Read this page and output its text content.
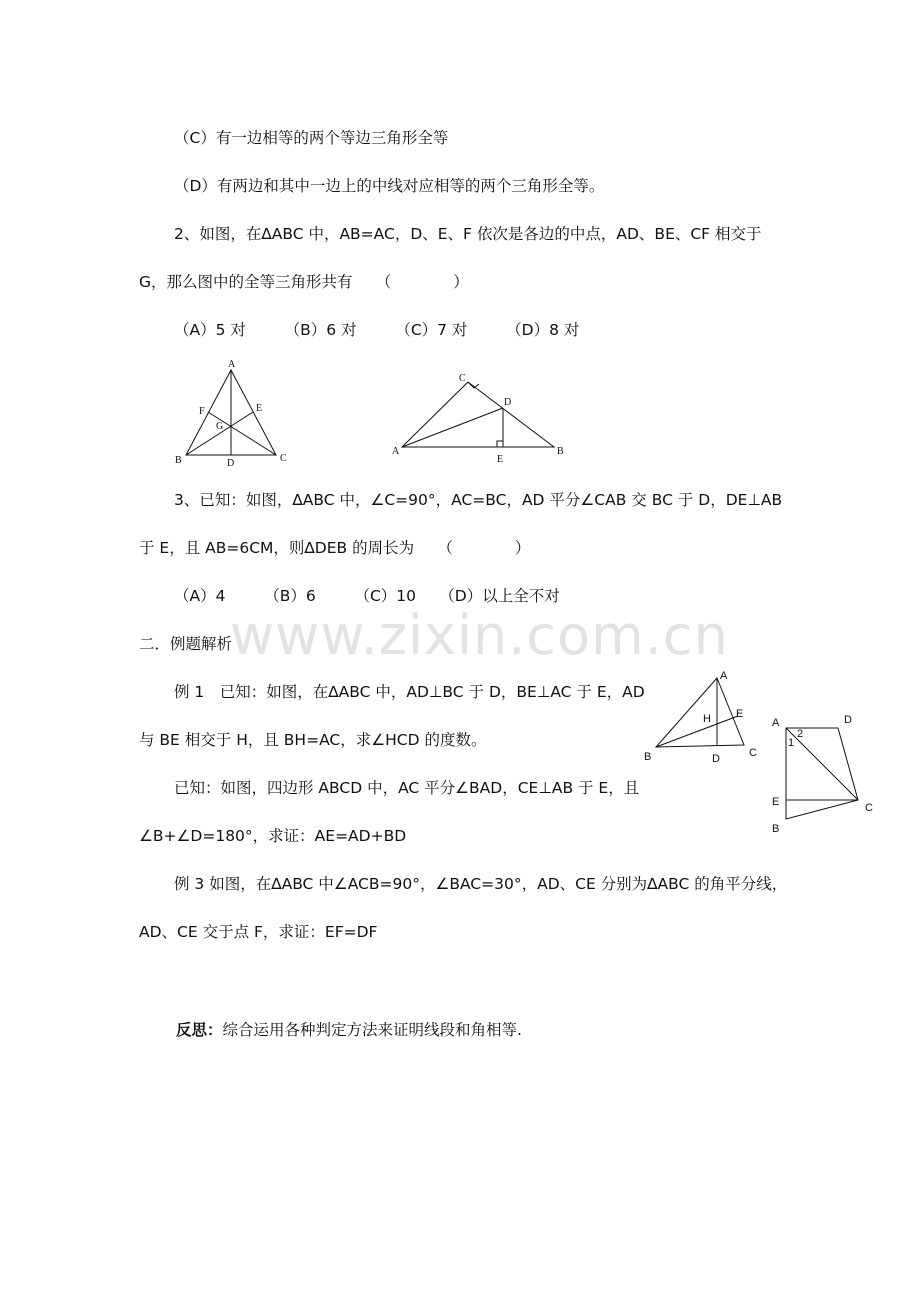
www.zixin.com.cn
（C）有一边相等的两个等边三角形全等
（D）有两边和其中一边上的中线对应相等的两个三角形全等。
2、如图，在∆ABC 中，AB=AC，D、E、F 依次是各边的中点，AD、BE、CF 相交于
G，那么图中的全等三角形共有　　（　　　　）
（A）5 对　　　（B）6 对　　　（C）7 对　　　（D）8 对
A
B	C
D
E
F
G
C
A	B
D
E
3、已知：如图，∆ABC 中，∠C=90°，AC=BC，AD 平分∠CAB 交 BC 于 D，DE⊥AB
于 E，且 AB=6CM，则∆DEB 的周长为　　（　　　　）
（A）4　　　（B）6　　　（C）10　　（D）以上全不对
二．例题解析
例 1　已知：如图，在∆ABC 中，AD⊥BC 于 D，BE⊥AC 于 E，AD
与 BE 相交于 H，且 BH=AC，求∠HCD 的度数。
A
B	C
D
E
H
已知：如图，四边形 ABCD 中，AC 平分∠BAD，CE⊥AB 于 E，且
∠B+∠D=180°，求证：AE=AD+BD
A	D
E	C
B
1
2
例 3 如图，在∆ABC 中∠ACB=90°，∠BAC=30°，AD、CE 分别为∆ABC 的角平分线，
AD、CE 交于点 F，求证：EF=DF
反思：综合运用各种判定方法来证明线段和角相等.
